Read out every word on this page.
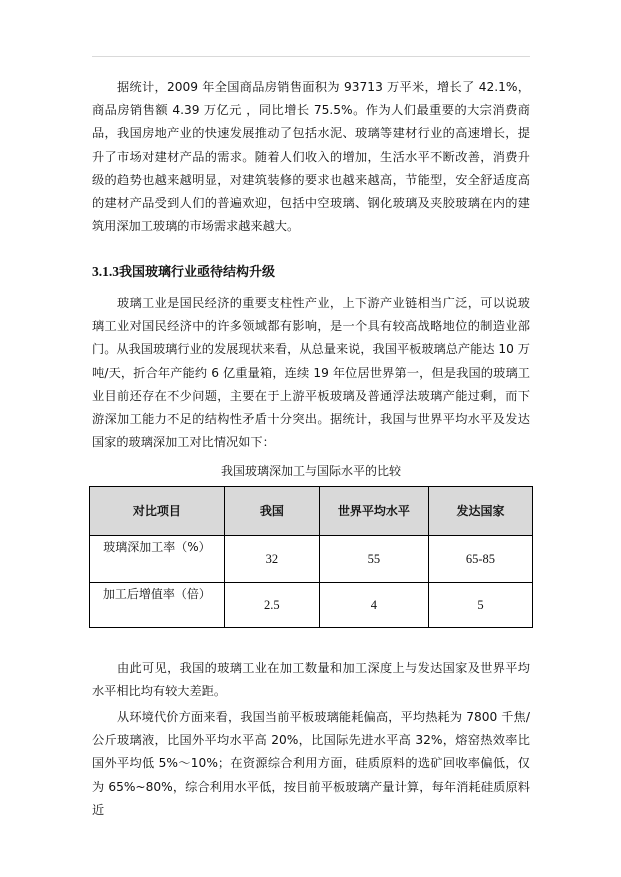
据统计，2009 年全国商品房销售面积为 93713 万平米，增长了 42.1%，商品房销售额 4.39 万亿元 ，同比增长 75.5%。作为人们最重要的大宗消费商品，我国房地产业的快速发展推动了包括水泥、玻璃等建材行业的高速增长，提升了市场对建材产品的需求。随着人们收入的增加，生活水平不断改善，消费升级的趋势也越来越明显，对建筑装修的要求也越来越高，节能型，安全舒适度高的建材产品受到人们的普遍欢迎，包括中空玻璃、钢化玻璃及夹胶玻璃在内的建筑用深加工玻璃的市场需求越来越大。

3.1.3我国玻璃行业亟待结构升级

玻璃工业是国民经济的重要支柱性产业，上下游产业链相当广泛，可以说玻璃工业对国民经济中的许多领域都有影响，是一个具有较高战略地位的制造业部门。从我国玻璃行业的发展现状来看，从总量来说，我国平板玻璃总产能达 10 万吨/天，折合年产能约 6 亿重量箱，连续 19 年位居世界第一，但是我国的玻璃工业目前还存在不少问题，主要在于上游平板玻璃及普通浮法玻璃产能过剩，而下游深加工能力不足的结构性矛盾十分突出。据统计，我国与世界平均水平及发达国家的玻璃深加工对比情况如下：

我国玻璃深加工与国际水平的比较

对比项目	我国	世界平均水平	发达国家
玻璃深加工率（%）	32	55	65-85
加工后增值率（倍）	2.5	4	5

由此可见，我国的玻璃工业在加工数量和加工深度上与发达国家及世界平均水平相比均有较大差距。

从环境代价方面来看，我国当前平板玻璃能耗偏高，平均热耗为 7800 千焦/公斤玻璃液，比国外平均水平高 20%，比国际先进水平高 32%，熔窑热效率比国外平均低 5%～10%；在资源综合利用方面，硅质原料的选矿回收率偏低，仅为 65%~80%，综合利用水平低，按目前平板玻璃产量计算，每年消耗硅质原料近
